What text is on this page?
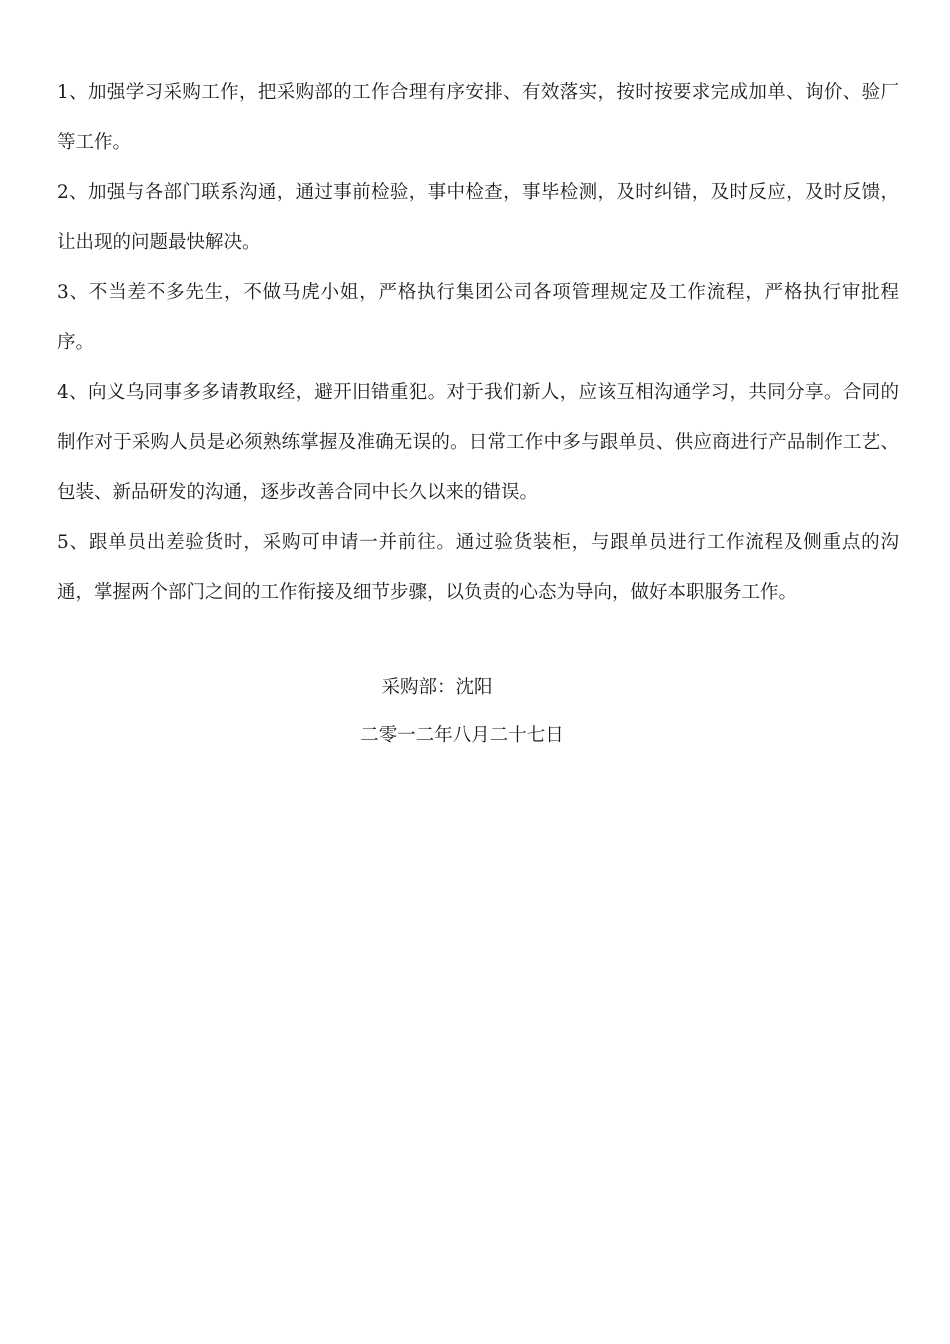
1、加强学习采购工作，把采购部的工作合理有序安排、有效落实，按时按要求完成加单、询价、验厂等工作。

2、加强与各部门联系沟通，通过事前检验，事中检查，事毕检测，及时纠错，及时反应，及时反馈，让出现的问题最快解决。

3、不当差不多先生，不做马虎小姐，严格执行集团公司各项管理规定及工作流程，严格执行审批程序。

4、向义乌同事多多请教取经，避开旧错重犯。对于我们新人，应该互相沟通学习，共同分享。合同的制作对于采购人员是必须熟练掌握及准确无误的。日常工作中多与跟单员、供应商进行产品制作工艺、包装、新品研发的沟通，逐步改善合同中长久以来的错误。

5、跟单员出差验货时，采购可申请一并前往。通过验货装柜，与跟单员进行工作流程及侧重点的沟通，掌握两个部门之间的工作衔接及细节步骤，以负责的心态为导向，做好本职服务工作。

采购部：沈阳
二零一二年八月二十七日
